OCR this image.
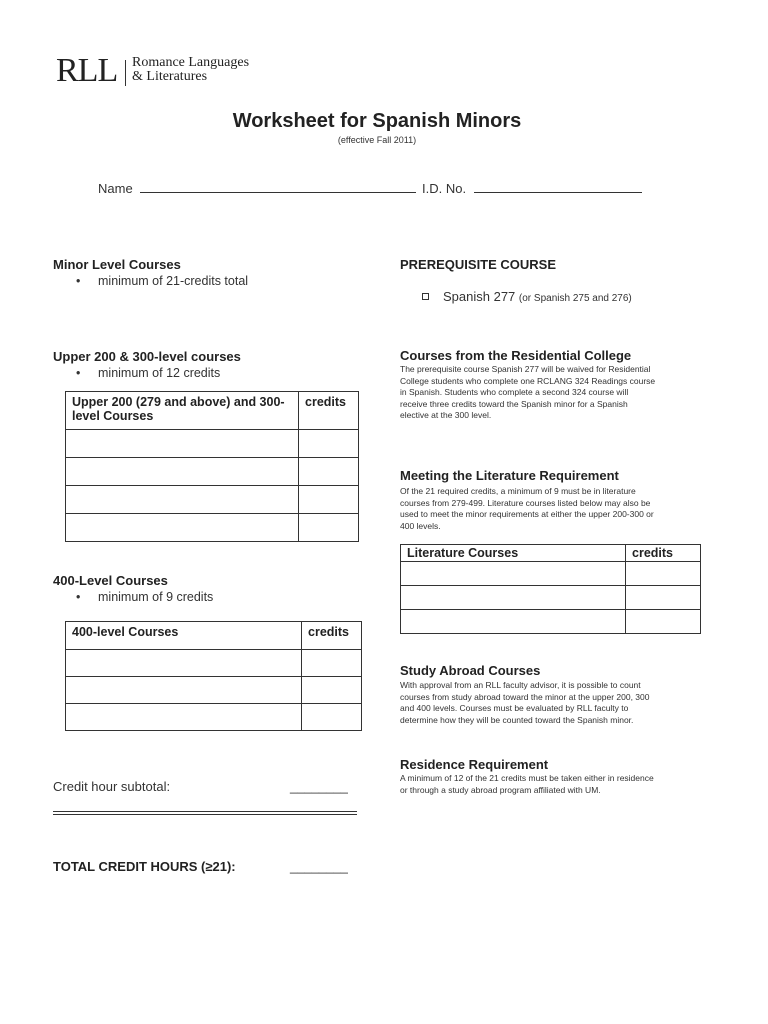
RLL Romance Languages
& Literatures
Worksheet for Spanish Minors
(effective Fall 2011)
Name	I.D. No.
Minor Level Courses
• minimum of 21-credits total
Upper 200 & 300-level courses
• minimum of 12 credits
Upper 200 (279 and above) and 300-level Courses	credits

400-Level Courses
• minimum of 9 credits
400-level Courses	credits

Credit hour subtotal:	________
TOTAL CREDIT HOURS (≥21):	________
PREREQUISITE COURSE
Spanish 277 (or Spanish 275 and 276)
Courses from the Residential College
The prerequisite course Spanish 277 will be waived for Residential
College students who complete one RCLANG 324 Readings course
in Spanish. Students who complete a second 324 course will
receive three credits toward the Spanish minor for a Spanish
elective at the 300 level.
Meeting the Literature Requirement
Of the 21 required credits, a minimum of 9 must be in literature
courses from 279-499. Literature courses listed below may also be
used to meet the minor requirements at either the upper 200-300 or
400 levels.
Literature Courses	credits

Study Abroad Courses
With approval from an RLL faculty advisor, it is possible to count
courses from study abroad toward the minor at the upper 200, 300
and 400 levels. Courses must be evaluated by RLL faculty to
determine how they will be counted toward the Spanish minor.
Residence Requirement
A minimum of 12 of the 21 credits must be taken either in residence
or through a study abroad program affiliated with UM.
